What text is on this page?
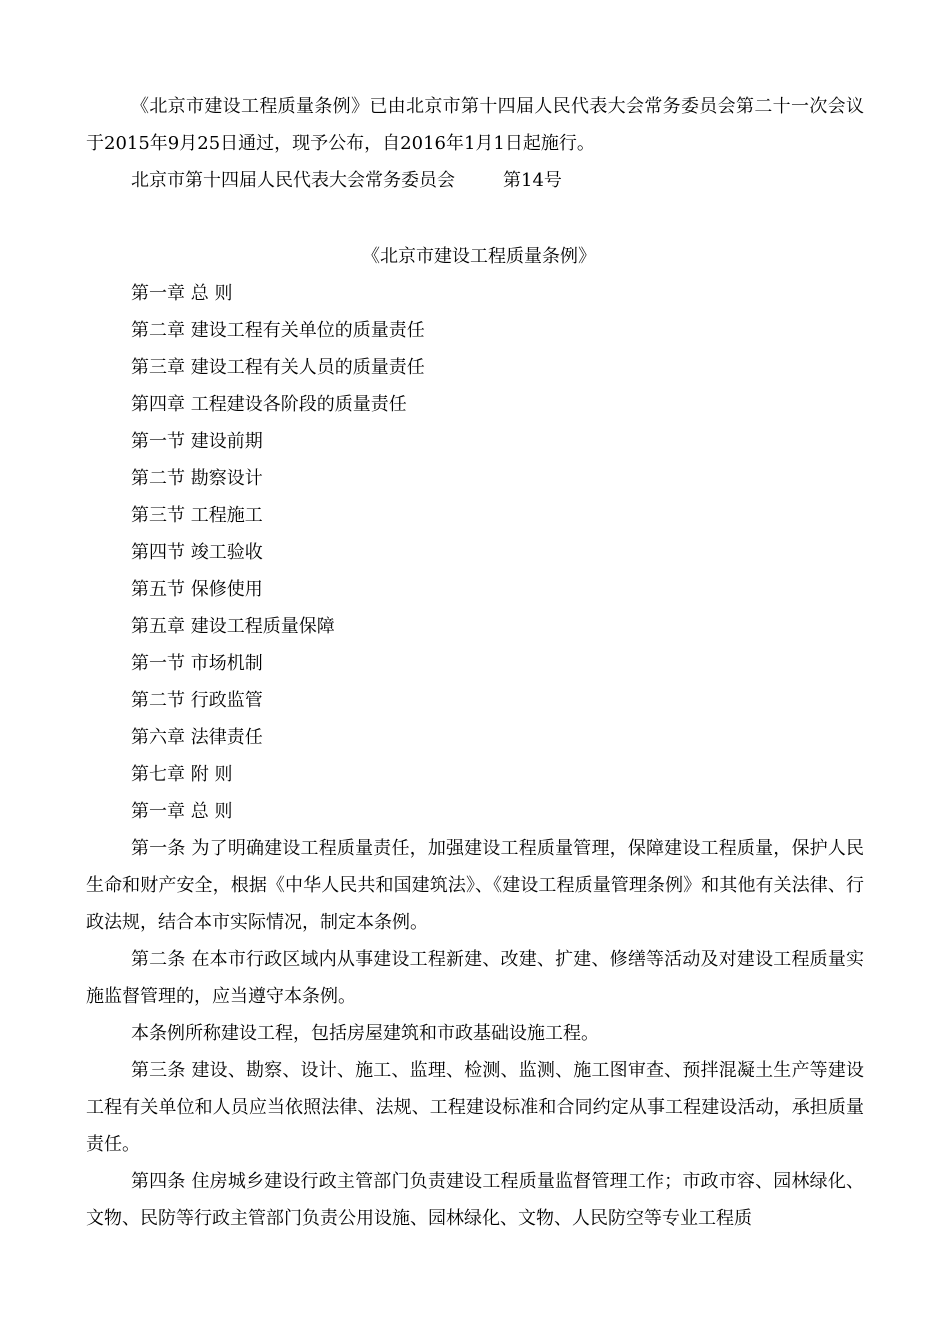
《北京市建设工程质量条例》已由北京市第十四届人民代表大会常务委员会第二十一次会议于2015年9月25日通过，现予公布，自2016年1月1日起施行。

北京市第十四届人民代表大会常务委员会	第14号

《北京市建设工程质量条例》

第一章 总 则

第二章 建设工程有关单位的质量责任

第三章 建设工程有关人员的质量责任

第四章 工程建设各阶段的质量责任

第一节 建设前期

第二节 勘察设计

第三节 工程施工

第四节 竣工验收

第五节 保修使用

第五章 建设工程质量保障

第一节 市场机制

第二节 行政监管

第六章 法律责任

第七章 附 则

第一章 总 则

第一条 为了明确建设工程质量责任，加强建设工程质量管理，保障建设工程质量，保护人民生命和财产安全，根据《中华人民共和国建筑法》、《建设工程质量管理条例》和其他有关法律、行政法规，结合本市实际情况，制定本条例。

第二条 在本市行政区域内从事建设工程新建、改建、扩建、修缮等活动及对建设工程质量实施监督管理的，应当遵守本条例。

本条例所称建设工程，包括房屋建筑和市政基础设施工程。

第三条 建设、勘察、设计、施工、监理、检测、监测、施工图审查、预拌混凝土生产等建设工程有关单位和人员应当依照法律、法规、工程建设标准和合同约定从事工程建设活动，承担质量责任。

第四条 住房城乡建设行政主管部门负责建设工程质量监督管理工作；市政市容、园林绿化、文物、民防等行政主管部门负责公用设施、园林绿化、文物、人民防空等专业工程质
